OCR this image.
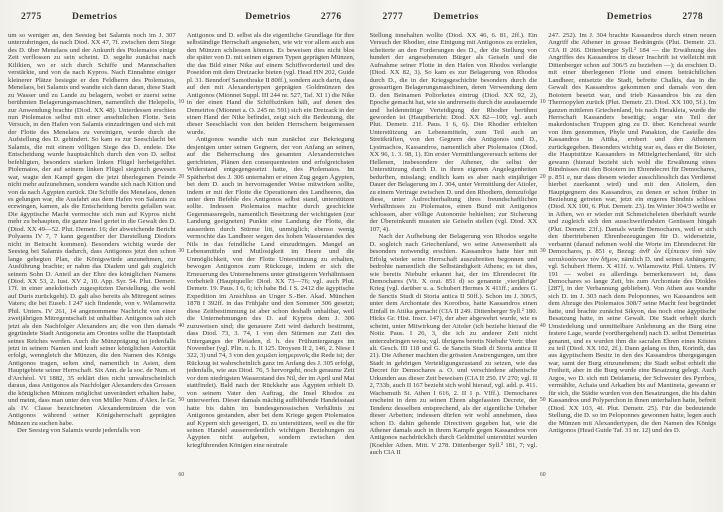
2775	Demetrios	Demetrios	2776

um so weniger an, den Seesieg bei Salamis noch im J. 307 unterzubringen, da nach Diod. XX 47, 7f. zwischen dem Siege des D. über Menelaos und der Ankunft des Ptolemaios einige Zeit verflossen zu sein scheint. D. segelte zunächst nach Kilikien, wo er sich durch Schiffe und Mannschaften verstärkte, und von da nach Kypros. Nach Einnahme einiger kleinerer Plätze besiegte er den Feldherrn des Ptolemaios, Menelaos, bei Salamis und wandte sich dann daran, diese Stadt zu Wasser und zu Lande zu belagern, wobei er zuerst seine berühmten Belagerungsmaschinen, namentlich die Helepolis, zur Anwendung brachte (Diod. XX 48). Unterdessen erschien nun Ptolemaios selbst mit einer ansehnlichen Flotte. Sein Versuch, in den Hafen von Salamis einzudringen und sich mit der Flotte des Menelaos zu vereinigen, wurde durch die Aufstellung des D. gehindert. So kam es zur Seeschlacht bei Salamis, die mit einem völligen Siege des D. endete. Die Entscheidung wurde hauptsächlich durch den von D. selbst befehligten, besonders starken linken Flügel herbeigeführt. Ptolemaios, der auf seinem linken Flügel siegreich gewesen war, wagte den Kampf gegen die jetzt überlegenen Feinde nicht mehr aufzunehmen, sondern wandte sich nach Kition und von da nach Ägypten zurück. Die Schiffe des Menelaos, denen es gelungen war, die Ausfahrt aus dem Hafen von Salamis zu erzwingen, kamen, als die Entscheidung bereits gefallen war. Die ägyptische Macht vermochte sich nun auf Kypros nicht mehr zu behaupten, die ganze Insel geriet in die Gewalt des D. (Diod. XX 49—52. Plut. Demetr. 16; der abweichende Bericht Polyaens IV 7, 7 kann gegenüber der Darstellung Diodors nicht in Betracht kommen). Besonders wichtig wurde der Seesieg bei Salamis dadurch, dass Antigonos jetzt den schon lange gehegten Plan, die Königswürde anzunehmen, zur Ausführung brachte; er nahm das Diadem und gab zugleich seinem Sohn D. Anteil an der Ehre des königlichen Namens (Diod. XX 53, 2. Iust. XV 2, 10. App. Syr. 54. Plut. Demetr. 17f. in einer anekdotisch zugespitzten Darstellung, die wohl auf Duris zurückgeht). D. galt also bereits als Mitregent seines Vaters; die bei Euseb. I 247 sich findende, von v. Wilamowitz Phil. Unters. IV 261, 14 angenommene Nachricht von einer zweijährigen Mitregentschaft ist unhaltbar. Antigonos sah sich jetzt als den Nachfolger Alexanders an; die von ihm damals gegründete Stadt Antigoneia am Orontes sollte die Hauptstadt seines Reiches werden. Auch die Münzprägung ist jedenfalls jetzt in seinem Namen und kraft seiner königlichen Autorität erfolgt, wenngleich die Münzen, die den Namen des Königs Antigonos tragen, selten sind, namentlich in Asien, dem Hauptgebiete seiner Herrschaft. Six Ann. de la soc. de Num. et d'Archéol. VI 1882, 35 erklärt dies nicht unwahrscheinlich daraus, dass Antigonos als Nachfolger Alexanders des Grossen die königlichen Münzen möglichst unverändert erhalten habe, und meint, dass man unter den von Müller Num. d'Alex. le Gr. als IV. Classe bezeichneten Alexandermünzen die von Antigonos während seiner Königsherrschaft geprägten Münzen zu suchen habe.

Der Seesieg von Salamis wurde jedenfalls von

10
20
30
40
50
60

Antigonos und D. selbst als die eigentliche Grundlage für ihre selbständige Herrschaft angesehen, wie wir vor allem auch aus den Münzen schliessen können. Es beweisen dies nicht blos die später von D. mit seinen eigenen Typen geprägten Münzen, die das Bild einer Nike auf einem Schiffsvorderteil und des Poseidon mit dem Dreizacke bieten (vgl. Head HN 202, Guide pl. 31. Benndorf Samothrake II 80ff.), sondern auch darin, dass auf den mit Alexandertypen geprägten Goldmünzen des Antigonos (Mionnet Suppl. III 244 nr. 527, Taf. XI 1) die Nike in der einen Hand die Schiffszinken hält, auf denen des Demetrios (Mionnet a. O. 245 nr. 591) sich ein Dreizack in der einen Hand der Nike befindet, zeigt sich die Bedeutung, die dieser Seeschlacht von den beiden Herrschern beigemessen wurde.

Antigonos wandte sich nun zunächst zur Bekriegung desjenigen unter seinen Gegnern, der von Anfang an seinen, auf die Beherrschung des gesamten Alexanderreiches gerichteten, Plänen den consequentesten und erfolgreichsten Widerstand entgegengesetzt hatte, des Ptolemaios. Im Spätherbst des J. 306 unternahm er einen Zug gegen Ägypten, bei dem D. auch in hervorragender Weise mitwirken sollte, indem er mit der Flotte die Operationen des Landheeres, das unter dem Befehle des Antigonos selbst stand, unterstützen sollte. Indessen Ptolemaios machte durch geschickte Gegenmassregeln, namentlich Besetzung der wichtigsten (zur Landung geeigneten) Punkte eine Landung der Flotte, die ausserdem durch Stürme litt, unmöglich; ebenso wenig vermochte das Landheer wegen des hohen Wasserstandes des Nils in das feindliche Land einzudringen. Mangel an Lebensmitteln und Mutlosigkeit im Heere und die Unmöglichkeit, von der Flotte Unterstützung zu erhalten, bewogen Antigonos zum Rückzuge, indem er sich die Erneuerung des Unternehmens unter günstigeren Verhältnissen vorbehielt (Hauptquelle: Diod. XX 73—76; vgl. auch Plut. Demetr. 19. Paus. I 6, 6; ich habe Bd. I S. 2412 die ägyptische Expedition im Anschluss an Unger S.-Ber. Akad. München 1878 I 392ff. in das Frühjahr und den Sommer 306 gesetzt; diese Zeitbestimmung ist aber schon deshalb unhaltbar, weil die Unternehmungen des D. auf Kypros dem J. 306 zuzuweisen sind; die genauere Zeit wird dadurch bestimmt, dass Diod. 73, 3. 74, 1 von den Stürmen zur Zeit des Unterganges der Pleiaden, d. h. des Frühunterganges im November (vgl. Plin. n. h. II 125. Droysen II 2, 146, 2. Niese I 322, 3) und 74, 3 von den χειμῶσι ἰσημερινοῖς die Rede ist; der Rückzug ist wahrscheinlich ganz im Anfang des J. 305 erfolgt, jedenfalls, wie aus Diod. 76, 5 hervorgeht, noch geraume Zeit vor dem niedrigsten Wasserstand des Nil, der im April und Mai stattfindet). Bald nach der Rückkehr aus Ägypten erhielt D. von seinem Vater den Auftrag, die Insel Rhodos zu unterwerfen. Dieser damals mächtig aufblühende Handelsstaat hatte bis dahin im bundesgenossischen Verhältnis zu Antigonos gestanden, aber bei dem Kriege gegen Ptolemaios auf Kypern sich geweigert, D. zu unterstützen, weil es die für seinen Handel ausserordentlich wichtigen Beziehungen zu Ägypten nicht aufgeben, sondern zwischen den kriegführenden Königen eine neutrale

2777	Demetrios	Demetrios	2778

Stellung innehalten wollte (Diod. XX 46, 6. 81, 2ff.). Ein Versuch der Rhodier, eine Einigung mit Antigonos zu erzielen, scheiterte an den Forderungen des D., der die Stellung von hundert der angesehensten Bürger als Geiseln und die Aufnahme seiner Flotte in den Hafen von Rhodos verlangte (Diod. XX 82, 3). So kam es zur Belagerung von Rhodos durch D., die in der Kriegsgeschichte besonders durch die grossartigen Belagerungsmaschinen, deren Verwendung dem D. den Beinamen Poliorketes eintrug (Diod. XX 92, 2), Epoche gemacht hat, wie sie andrerseits durch die ausdauernde und heldenmütige Verteidigung der Rhodier berühmt geworden ist (Hauptbericht: Diod. XX 82—100; vgl. auch Plut. Demetr. 21f. Paus. I 6, 6). Die Rhodier erhielten Unterstützung an Lebensmitteln, zum Teil auch an Streitkräften, von den Gegnern des Antigonos und D., Lysimachos, Kassandros, namentlich aber Ptolemaios (Diod. XX 96, 1. 3. 98, 1). Ein erster Vermittlungsversuch seitens der Hellenen, insbesondere der Athener, die selbst der Unterstützung durch D. in ihren eigenen Angelegenheiten bedurften, misslang; endlich kam es aber nach einjähriger Dauer der Belagerung im J. 304, unter Vermittlung der Aitoler, zu einem Vertrage zwischen D. und den Rhodiern, demzufolge diese, unter Aufrechterhaltung ihres freundschaftlichen Verhältnisses zu Ptolemaios, einen Bund mit Antigonos schlossen, aber völlige Autonomie behielten; zur Sicherung der Übereinkunft mussten sie Geiseln stellen (vgl. Diod. XX 107, 4).

Nach der Aufhebung der Belagerung von Rhodos segelte D. sogleich nach Griechenland, wo seine Anwesenheit als besonders notwendig erschien. Kassandros hatte hier mit Erfolg wieder seine Herrschaft auszubreiten begonnen und bedrohte namentlich die Selbständigkeit Athens; es ist dies, wie bereits Niebuhr erkannt hat, der im Ehrendecret für Demochares (Vit. X orat. 851 d) so genannte ‚vierjährige' Krieg (vgl. darüber u. a. Schubert Hermes X 411ff.; anders G. de Sanctis Studi di Storia antica II 50ff.). Schon im J. 306/5, unter dem Archontate des Koroibos, hatte Kassandros einen Einfall in Attika gemacht (CIA II 249. Dittenberger Syll.² 180. Hicks Gr. Hist. Inscr. 147), der aber abgewehrt wurde, wie es scheint, unter Mitwirkung der Aitoler (ich beziehe hierauf die Notiz Paus. I 26, 3, die ich zu anderer Zeit nicht unterzubringen weiss; vgl. übrigens bereits Niebuhr Vortr. über alt. Gesch. III 118 und G. de Sanctis Studi di Storia antica II 21). Die Athener machten die grössten Anstrengungen, um ihre Stadt in gehörigen Verteidigungszustand zu setzen, wie das Decret für Demochares a. O. und verschiedene athenische Urkunden aus dieser Zeit beweisen (CIA II 250. IV 270; vgl. II 2, 733b, auch II 167 bezieht sich wohl hierauf, vgl. add. p. 411. Wachsmuth St. Athen I 616, 2. II 1 p. VIff.). Demochares erscheint in dem zu seinen Ehren abgefassten Decrete, der Tendenz desselben entsprechend, als der eigentliche Urheber dieser Arbeiten; indessen dürfen wir wohl annehmen, dass schon D. dahin gehende Directiven gegeben hat, wie die Athener damals auch in ihrem Kampfe gegen Kassandros von Antigonos nachdrücklich durch Geldmittel unterstützt wurden (Koehler Athen. Mitt. V 278. Dittenberger Syll.² 181, 7; vgl. auch CIA II

10
20
30
40
50
60

247. 252). Im J. 304 brachte Kassandros durch einen neuen Angriff die Athener in grosse Bedrängnis (Plut. Demetr. 23. CIA II 266. Dittenberger Syll.² 184 — die Erwähnung des Angriffes des Kassandros in dieser Inschrift ist vielleicht mit Dittenberger schon auf 306/5 zu beziehen —); da erschien D. mit einer überlegenen Flotte und einem beträchtlichen Landheer, entsetzte die Stadt, befreite Chalkis, das in die Gewalt des Kassandros gekommen und damals von den Boiotern besetzt war, und trieb Kassandros bis zu den Thermopylen zurück (Plut. Demetr. 23. Diod. XX 100, 5f.). Im ganzen mittleren Griechenland, bis nach Herakleia, wurde die Herrschaft Kassanders beseitigt; sogar ein Teil der makedonischen Truppen ging zu D. über. Kenchreai wurde von ihm genommen, Phyle und Panakton, die Castelle des Kassandros in Attika, erobert und den Athenern zurückgegeben. Besonders wichtig war es, dass er die Boioter, die Hauptstütze Kassanders in Mittelgriechenland, für sich gewann (hierauf bezieht sich wohl die Erwähnung eines Bündnisses mit den Boiotern im Ehrendecret für Demochares, p. 851 e, nur dass diesem wieder ausschliesslich das Verdienst hierbei zuerkannt wird) und mit den Aitolern, den Hauptgegnern des Kassandros, zu denen er schon früher in Beziehung getreten war, jetzt ein engeres Bündnis schloss (Diod. XX 100, 6. Plut. Demetr. 23). Im Winter 304/3 weilte er in Athen, wo er wieder mit Schmeicheleien überhäuft wurde und zugleich sich den ausschweifendsten Genüssen hingab (Plut. Demetr. 23f.). Damals wurde Demochares, weil er sich den übertriebenen Ehrenbezeugungen für D. widersetzte, verbannt (darauf nehmen wohl die Worte im Ehrendecret für Demochares, p. 851 e, Bezug: ἀνθ' ὧν ἐξέπεσεν ὑπὸ τῶν καταλυσάντων τὸν δῆμον, nämlich D. und seinen Anhängern; vgl. Schubert Herm. X 411f. v. Wilamowitz Phil. Unters. IV 191 — wobei es allerdings bemerkenswert ist, dass Demochares so lange Zeit, bis zum Archontate des Diokles [287], in der Verbannung geblieben). Von Athen aus wandte sich D. im J. 303 nach dem Peloponnes, wo Kassandros seit dem Abzuge des Ptolemaios 308/7 seine Macht fest begründet hatte, und brachte zunächst Sikyon, das noch eine ägyptische Besatzung hatte, in seine Gewalt. Die Stadt erhielt durch Umsiedelung und unmittelbare Anlehnung an die Burg eine festere Lage, wurde (vorübergehend) nach D. selbst Demetrias genannt, und es wurden ihm die sacralen Ehren eines Ktistes zu teil (Diod. XX 102, 2f.). Dann gelang es ihm, Korinth, das aus ägyptischem Besitz in den des Kassandros übergegangen war, samt der Burg einzunehmen; die Stadt selbst erhielt die Freiheit, aber in die Burg wurde eine Besatzung gelegt. Auch Argos, wo D. sich mit Deidameia, der Schwester des Pyrrhos, vermählte, Achaia und Arkadien bis auf Mantineia, gewann er für sich, die Städte wurden von den Besatzungen, die bis dahin Kassandros und Polyperchon in ihnen unterhalten hatte, befreit (Diod. XX 103, 4f. Plut. Demetr. 25). Für die bedeutende Stellung, die D. so im Peloponnes gewonnen hatte, legen auch die Münzen mit Alexandertypen, die den Namen des Königs Antigonos (Head Guide Taf. 31 nr. 12) und des D.
